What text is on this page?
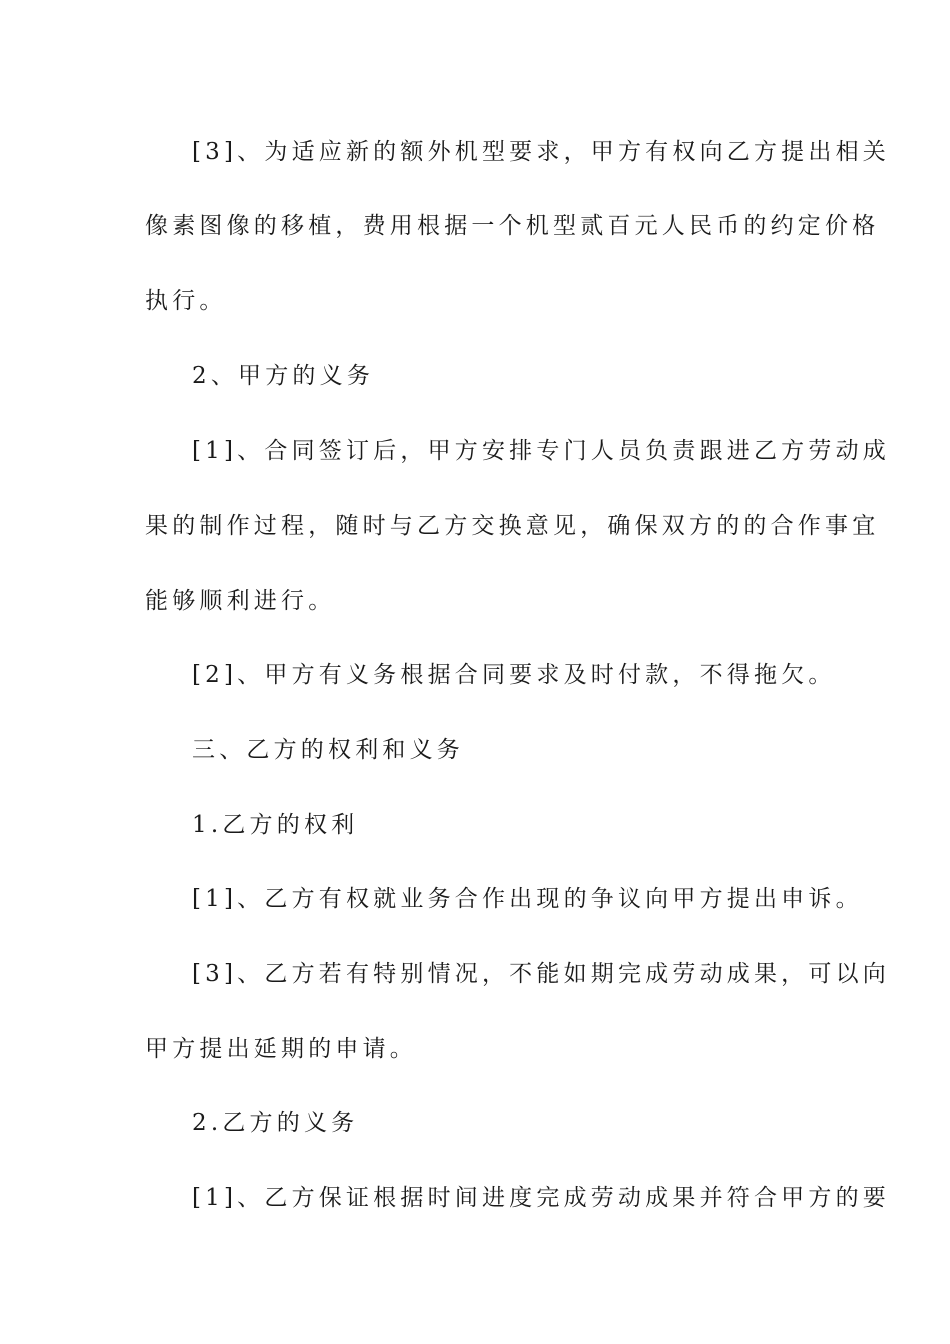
[3]、为适应新的额外机型要求，甲方有权向乙方提出相关
像素图像的移植，费用根据一个机型贰百元人民币的约定价格
执行。
2、甲方的义务
[1]、合同签订后，甲方安排专门人员负责跟进乙方劳动成
果的制作过程，随时与乙方交换意见，确保双方的的合作事宜
能够顺利进行。
[2]、甲方有义务根据合同要求及时付款，不得拖欠。
三、乙方的权利和义务
1.乙方的权利
[1]、乙方有权就业务合作出现的争议向甲方提出申诉。
[3]、乙方若有特别情况，不能如期完成劳动成果，可以向
甲方提出延期的申请。
2.乙方的义务
[1]、乙方保证根据时间进度完成劳动成果并符合甲方的要
